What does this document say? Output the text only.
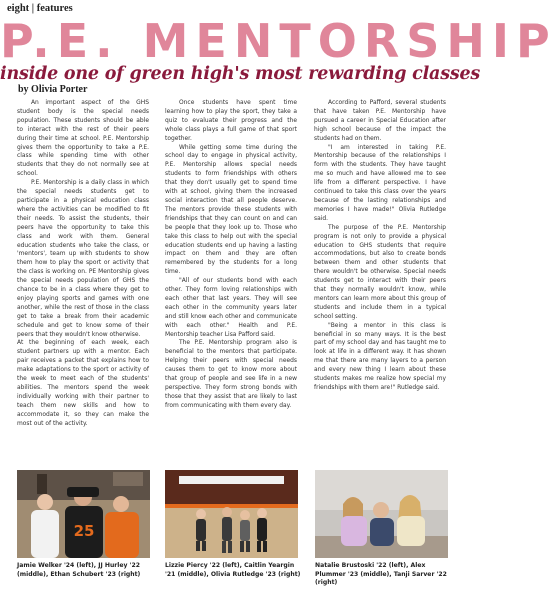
eight | features
P.E. MENTORSHIP
inside one of green high's most rewarding classes
by Olivia Porter

An important aspect of the GHS student body is the special needs population. These students should be able to interact with the rest of their peers during their time at school. P.E. Mentorship gives them the opportunity to take a P.E. class while spending time with other students that they do not normally see at school.

P.E. Mentorship is a daily class in which the special needs students get to participate in a physical education class where the activities can be modified to fit their needs. To assist the students, their peers have the opportunity to take this class and work with them. General education students who take the class, or 'mentors', team up with students to show them how to play the sport or activity that the class is working on. PE Mentorship gives the special needs population of GHS the chance to be in a class where they get to enjoy playing sports and games with one another, while the rest of those in the class get to take a break from their academic schedule and get to know some of their peers that they wouldn't know otherwise.

At the beginning of each week, each student partners up with a mentor. Each pair receives a packet that explains how to make adaptations to the sport or activity of the week to meet each of the students' abilities. The mentors spend the week individually working with their partner to teach them new skills and how to accommodate it, so they can make the most out of the activity.

Once students have spent time learning how to play the sport, they take a quiz to evaluate their progress and the whole class plays a full game of that sport together.

While getting some time during the school day to engage in physical activity, P.E. Mentorship allows special needs students to form friendships with others that they don't usually get to spend time with at school, giving them the increased social interaction that all people deserve. The mentors provide these students with friendships that they can count on and can be people that they look up to. Those who take this class to help out with the special education students end up having a lasting impact on them and they are often remembered by the students for a long time.

"All of our students bond with each other. They form loving relationships with each other that last years. They will see each other in the community years later and still know each other and communicate with each other." Health and P.E. Mentorship teacher Lisa Pafford said.

The P.E. Mentorship program also is beneficial to the mentors that participate. Helping their peers with special needs causes them to get to know more about that group of people and see life in a new perspective. They form strong bonds with those that they assist that are likely to last from communicating with them every day.

According to Pafford, several students that have taken P.E. Mentorship have pursued a career in Special Education after high school because of the impact the students had on them.

"I am interested in taking P.E. Mentorship because of the relationships I form with the students. They have taught me so much and have allowed me to see life from a different perspective. I have continued to take this class over the years because of the lasting relationships and memories I have made!" Olivia Rutledge said.

The purpose of the P.E. Mentorship program is not only to provide a physical education to GHS students that require accommodations, but also to create bonds between them and other students that there wouldn't be otherwise. Special needs students get to interact with their peers that they normally wouldn't know, while mentors can learn more about this group of students and include them in a typical school setting.

"Being a mentor in this class is beneficial in so many ways. It is the best part of my school day and has taught me to look at life in a different way. It has shown me that there are many layers to a person and every new thing I learn about these students makes me realize how special my friendships with them are!" Rutledge said.

25
Jamie Welker '24 (left), JJ Hurley '22 (middle), Ethan Schubert '23 (right)
Lizzie Piercy '22 (left), Caitlin Yeargin '21 (middle), Olivia Rutledge '23 (right)
Natalie Brustoski '22 (left), Alex Plummer '23 (middle), Tanji Sarver '22 (right)
